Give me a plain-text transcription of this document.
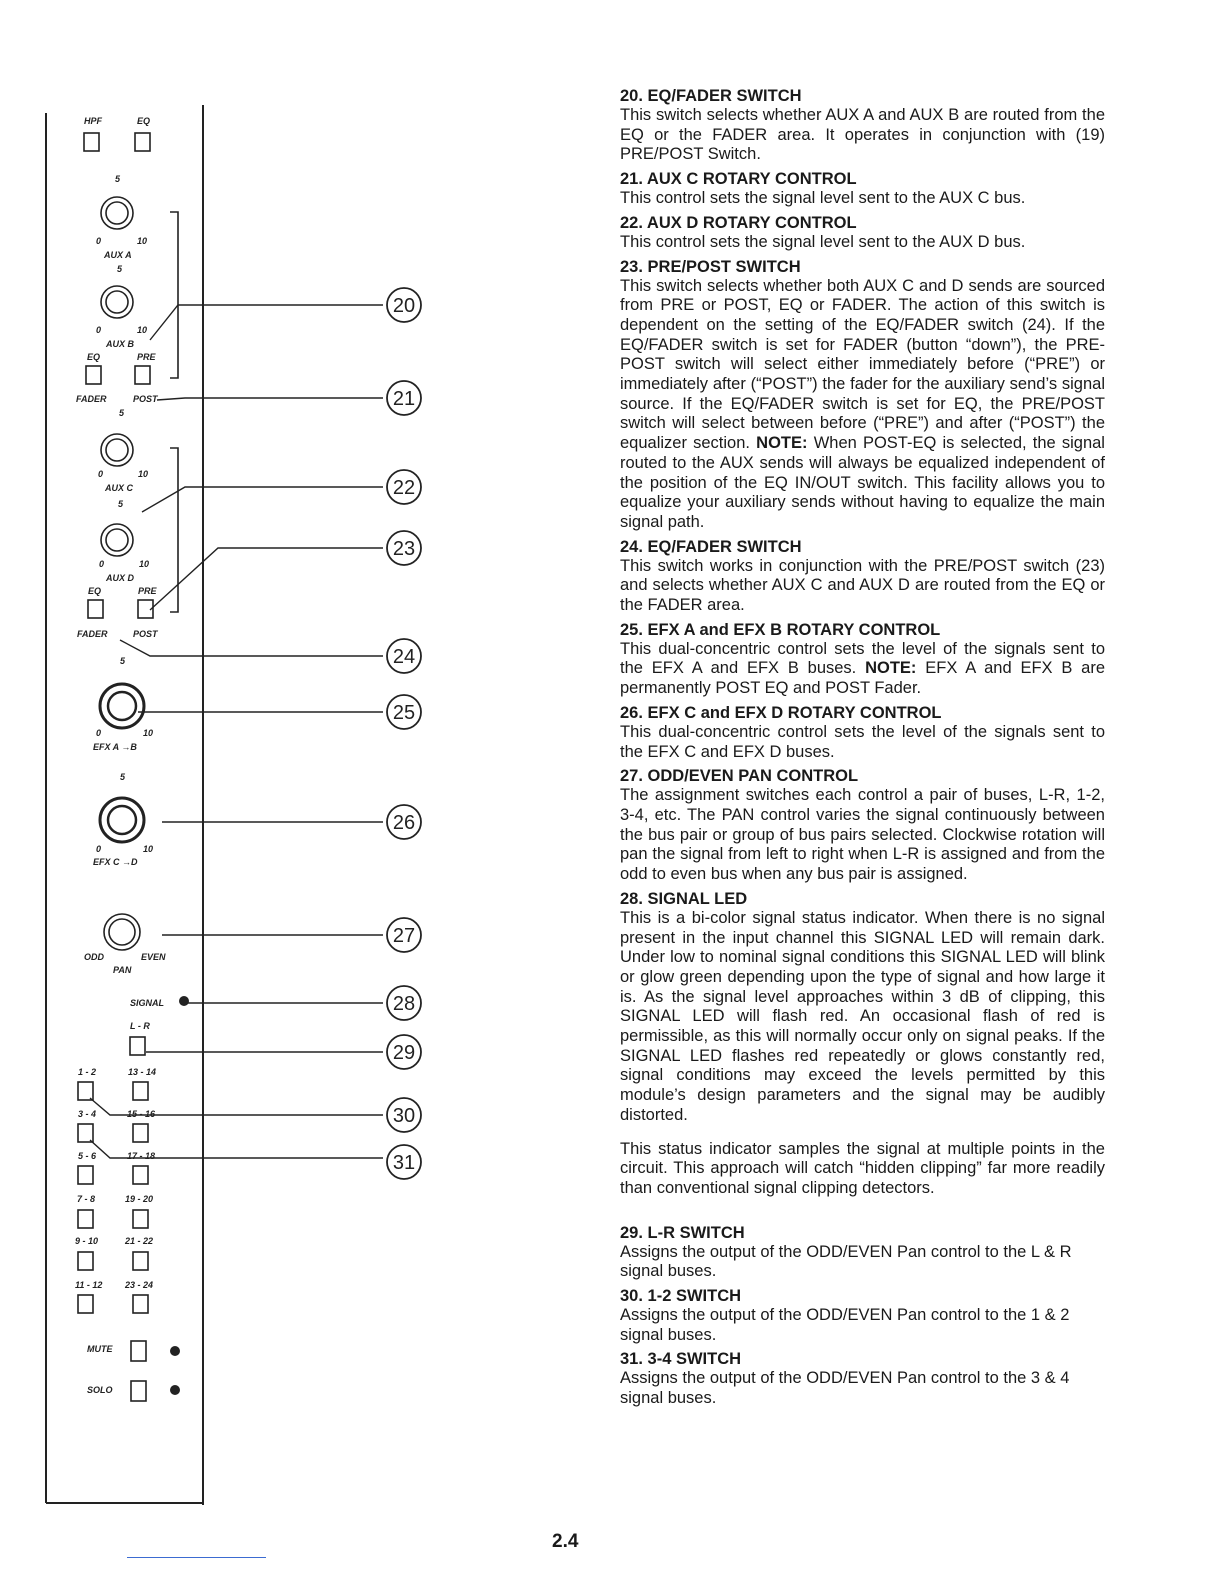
20
21
22
23
24
25
26
27
28
29
30
31
HPF	EQ
5
0	10
AUX A
5
0	10
AUX B
EQ	PRE
FADER	POST
5
0	10
AUX C
5
0	10
AUX D
EQ	PRE
FADER	POST
5
0	10
EFX A →B
5
0	10
EFX C →D
ODD	EVEN
PAN
SIGNAL
L - R
1 - 2	13 - 14
3 - 4	15 - 16
5 - 6	17 - 18
7 - 8	19 - 20
9 - 10	21 - 22
11 - 12	23 - 24
MUTE
SOLO
20. EQ/FADER SWITCH

This switch selects whether AUX A and AUX B are routed from the EQ or the FADER area. It operates in conjunction with (19) PRE/POST Switch.

21. AUX C ROTARY CONTROL

This control sets the signal level sent to the AUX C bus.

22. AUX D ROTARY CONTROL

This control sets the signal level sent to the AUX D bus.

23. PRE/POST SWITCH

This switch selects whether both AUX C and D sends are sourced from PRE or POST, EQ or FADER. The action of this switch is dependent on the setting of the EQ/FADER switch (24). If the EQ/FADER switch is set for FADER (button “down”), the PRE-POST switch will select either immediately before (“PRE”) or immediately after (“POST”) the fader for the auxiliary send’s signal source. If the EQ/FADER switch is set for EQ, the PRE/POST switch will select between before (“PRE”) and after (“POST”) the equalizer section. NOTE: When POST-EQ is selected, the signal routed to the AUX sends will always be equalized independent of the position of the EQ IN/OUT switch. This facility allows you to equalize your auxiliary sends without having to equalize the main signal path.

24. EQ/FADER SWITCH

This switch works in conjunction with the PRE/POST switch (23) and selects whether AUX C and AUX D are routed from the EQ or the FADER area.

25. EFX A and EFX B ROTARY CONTROL

This dual-concentric control sets the level of the signals sent to the EFX A and EFX B buses. NOTE: EFX A and EFX B are permanently POST EQ and POST Fader.

26. EFX C and EFX D ROTARY CONTROL

This dual-concentric control sets the level of the signals sent to the EFX C and EFX D buses.

27. ODD/EVEN PAN CONTROL

The assignment switches each control a pair of buses, L-R, 1-2, 3-4, etc. The PAN control varies the signal continuously between the bus pair or group of bus pairs selected. Clockwise rotation will pan the signal from left to right when L-R is assigned and from the odd to even bus when any bus pair is assigned.

28. SIGNAL LED

This is a bi-color signal status indicator. When there is no signal present in the input channel this SIGNAL LED will remain dark. Under low to nominal signal conditions this SIGNAL LED will blink or glow green depending upon the type of signal and how large it is. As the signal level approaches within 3 dB of clipping, this SIGNAL LED will flash red. An occasional flash of red is permissible, as this will normally occur only on signal peaks. If the SIGNAL LED flashes red repeatedly or glows constantly red, signal conditions may exceed the levels permitted by this module’s design parameters and the signal may be audibly distorted.

This status indicator samples the signal at multiple points in the circuit. This approach will catch “hidden clipping” far more readily than conventional signal clipping detectors.
29. L-R SWITCH

Assigns the output of the ODD/EVEN Pan control to the L & R signal buses.

30. 1-2 SWITCH

Assigns the output of the ODD/EVEN Pan control to the 1 & 2 signal buses.

31. 3-4 SWITCH

Assigns the output of the ODD/EVEN Pan control to the 3 & 4 signal buses.

2.4
